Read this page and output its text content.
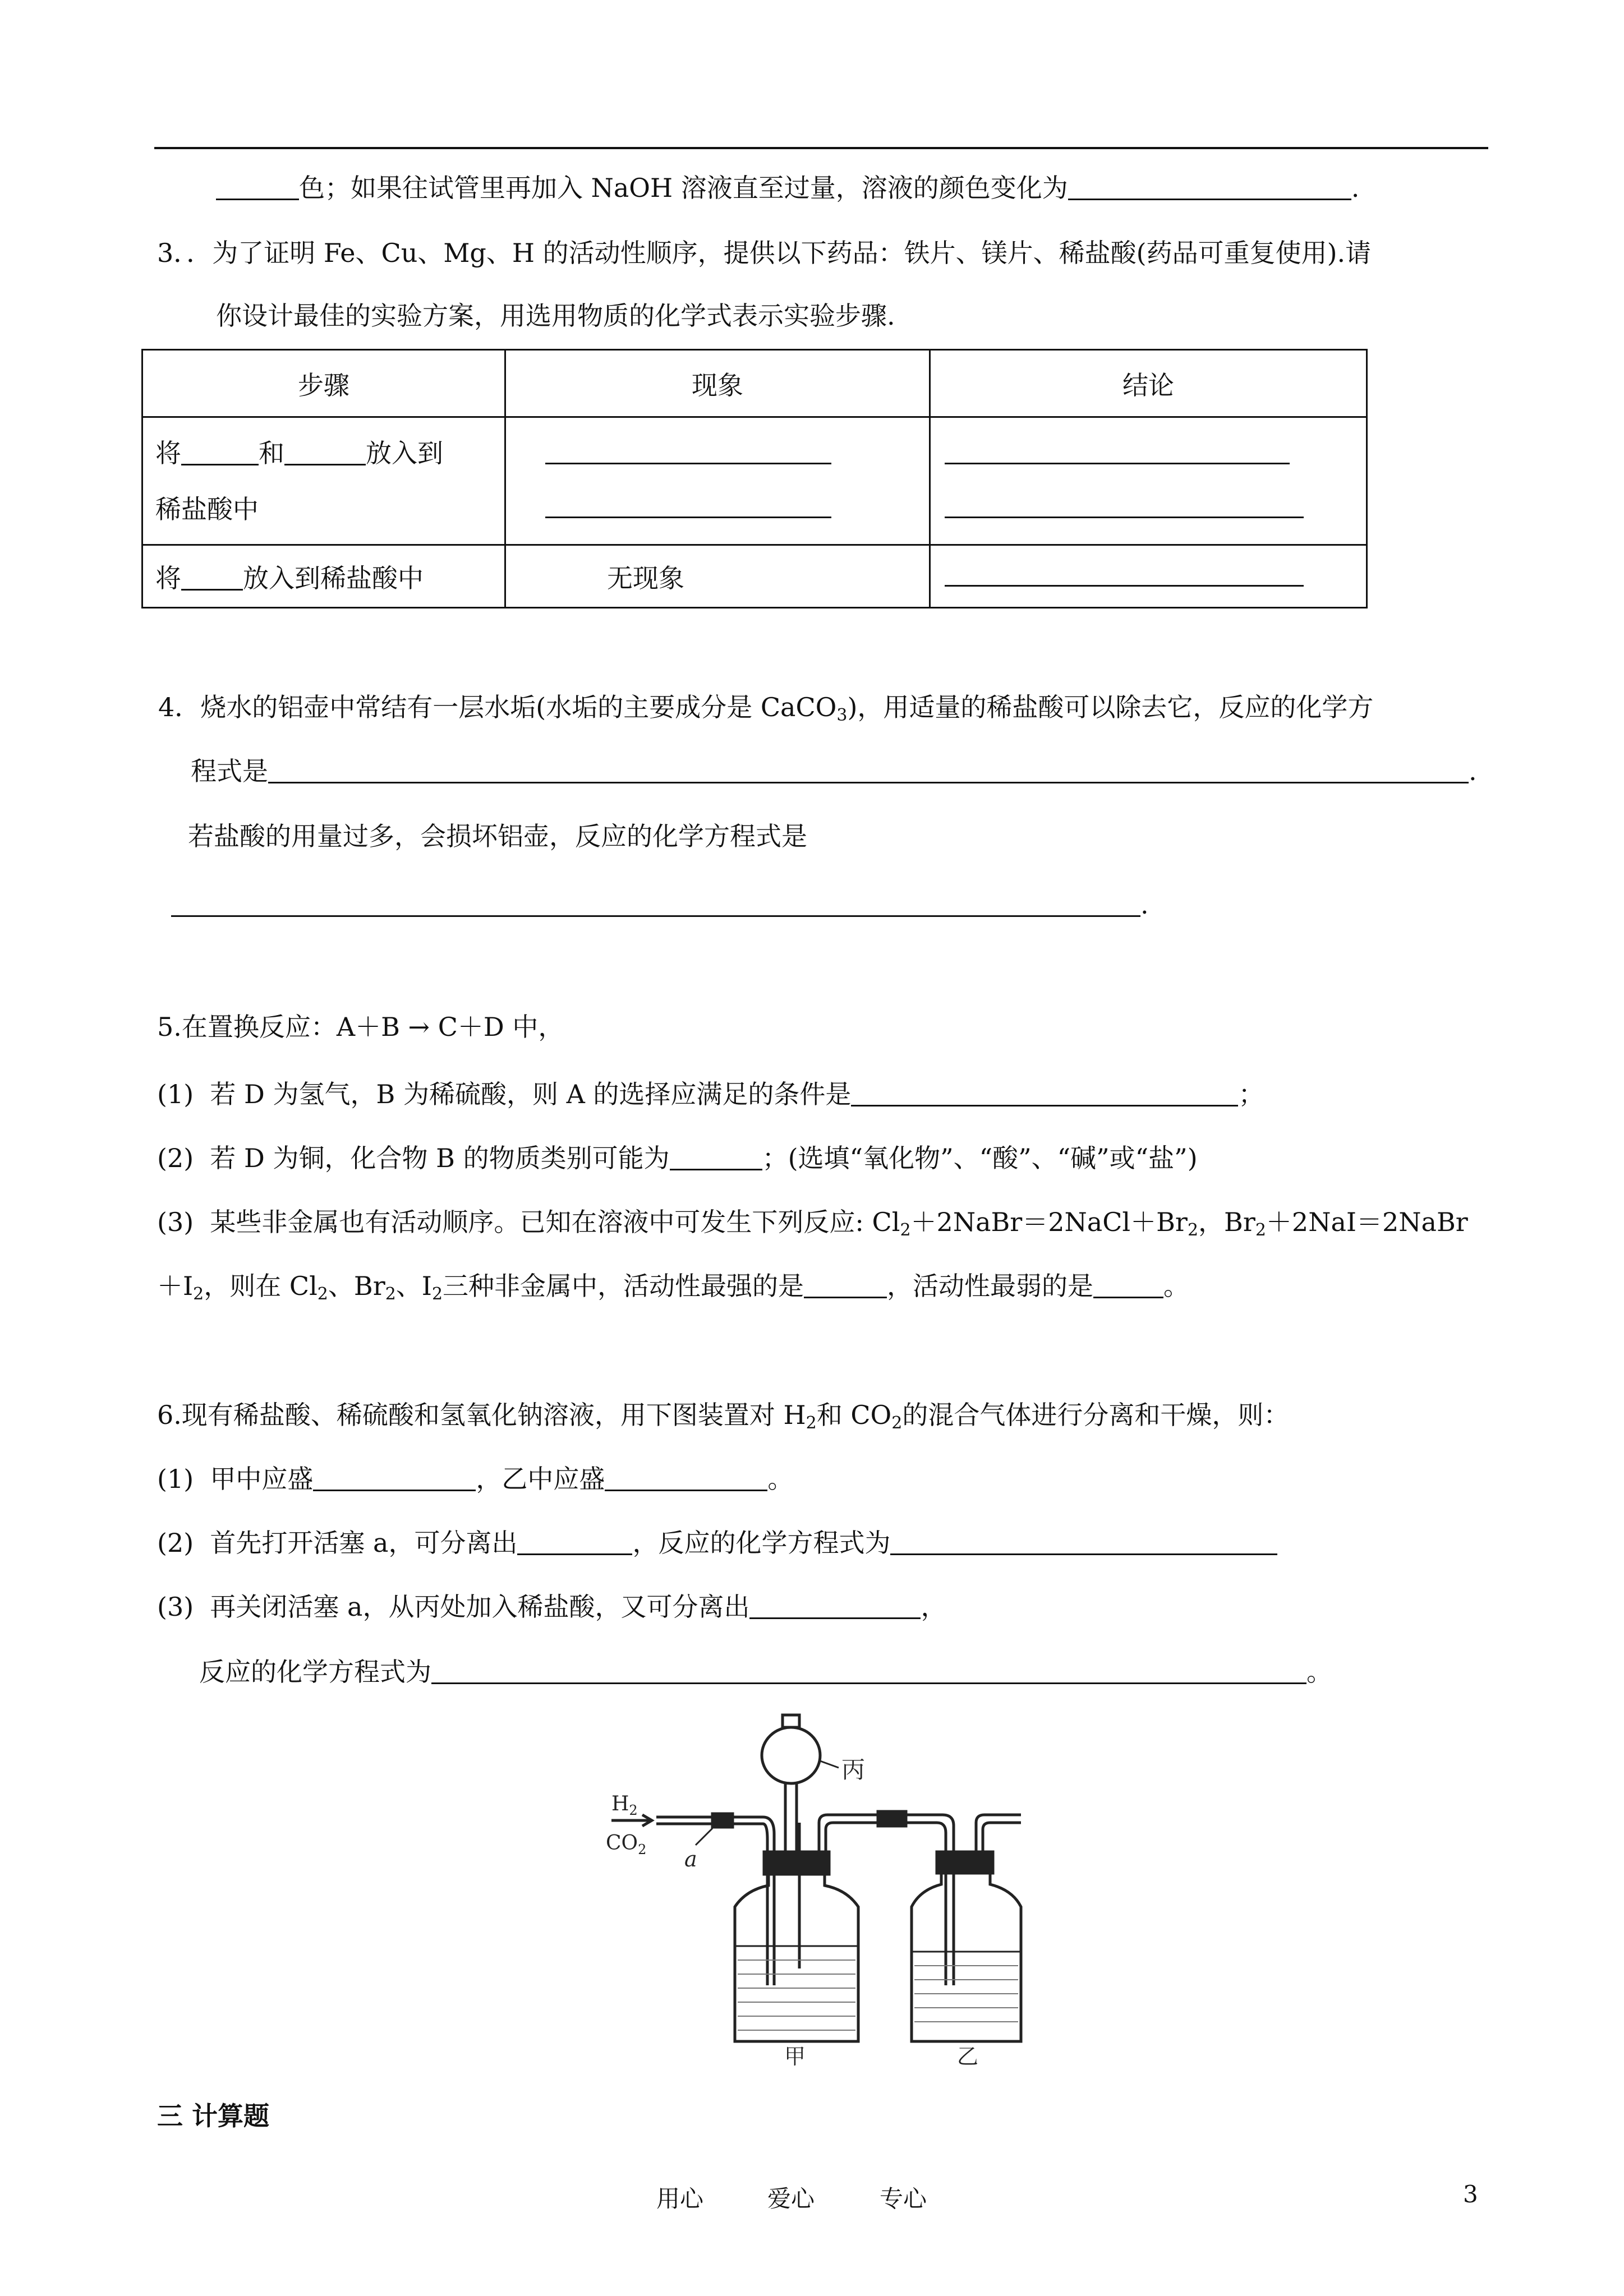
色；如果往试管里再加入 NaOH 溶液直至过量，溶液的颜色变化为	.
3．．为了证明 Fe、Cu、Mg、H 的活动性顺序，提供以下药品：铁片、镁片、稀盐酸(药品可重复使用).请
你设计最佳的实验方案，用选用物质的化学式表示实验步骤.
步骤	现象	结论

将 和 放入到
稀盐酸中		

将 放入到稀盐酸中	无现象	
4．烧水的铝壶中常结有一层水垢(水垢的主要成分是 CaCO$_3$)，用适量的稀盐酸可以除去它，反应的化学方
程式是	.
若盐酸的用量过多，会损坏铝壶，反应的化学方程式是
.
5.在置换反应：A＋B → C＋D 中，
(1) 若 D 为氢气，B 为稀硫酸，则 A 的选择应满足的条件是	；
(2) 若 D 为铜，化合物 B 的物质类别可能为	；(选填“氧化物”、“酸”、“碱”或“盐”)
(3) 某些非金属也有活动顺序。已知在溶液中可发生下列反应: $Cl_2+2NaBr=2NaCl+Br_2$，$Br_2+2NaI=2NaBr$
$+I_2$，则在 $Cl_2$、$Br_2$、$I_2$三种非金属中，活动性最强的是	，活动性最弱的是	。
6.现有稀盐酸、稀硫酸和氢氧化钠溶液，用下图装置对 $H_2$和 $CO_2$的混合气体进行分离和干燥，则：
(1) 甲中应盛	，乙中应盛	。
(2) 首先打开活塞 a，可分离出	，反应的化学方程式为
(3) 再关闭活塞 a，从丙处加入稀盐酸，又可分离出	，
反应的化学方程式为	。
丙
a
甲	乙
$H_2$
$CO_2$
三 计算题
用心	爱心	专心	3
